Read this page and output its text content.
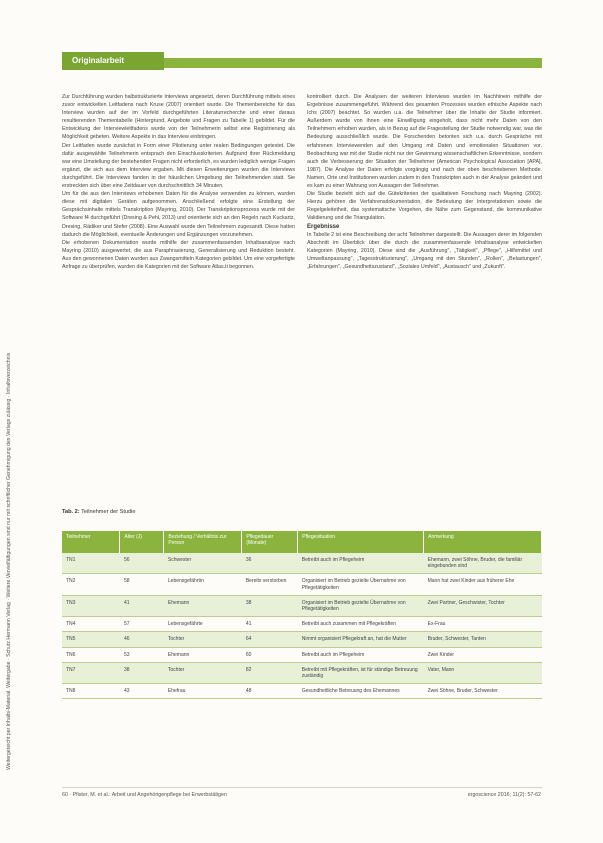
Originalarbeit
Weitergereicht per Inhalts-Material. Weitergabe · Schutz Hermann Verlag · Weitere Vervielfältigungen sind nur mit schriftlicher Genehmigung des Verlags zulässig · Inhaltsverzeichnis

Zur Durchführung wurden halbstrukturierte Interviews angesetzt, deren Durchführung mittels eines zuvor entwickelten Leitfadens nach Kruse (2007) orientiert wurde. Die Themenbereiche für das Interview wurden auf der im Vorfeld durchgeführten Literaturrecherche und einer daraus resultierenden Thementabelle (Hintergrund, Angebote und Fragen zu Tabelle 1) gebildet. Für die Entwicklung der Interviewleitfadens wurde von der Teilnehmerin selbst eine Registrierung als Möglichkeit gebeten. Weitere Aspekte in das Interview einbringen.

Der Leitfaden wurde zunächst in Form einer Pilotierung unter realen Bedingungen getestet. Die dafür ausgewählte Teilnehmerin entsprach den Einschlusskriterien. Aufgrund ihrer Rückmeldung war eine Umstellung der bestehenden Fragen nicht erforderlich, es wurden lediglich wenige Fragen ergänzt, die sich aus dem Interview ergaben. Mit diesen Erweiterungen wurden die Interviews durchgeführt. Die Interviews fanden in der häuslichen Umgebung der Teilnehmenden statt. Sie erstreckten sich über eine Zeitdauer von durchschnittlich 34 Minuten.

Um für die aus den Interviews erhobenen Daten für die Analyse verwenden zu können, wurden diese mit digitalen Geräten aufgenommen. Anschließend erfolgte eine Erstellung der Gesprächsinhalte mittels Transkription (Mayring, 2010). Der Transkriptionsprozess wurde mit der Software f4 durchgeführt (Dresing & Pehl, 2013) und orientierte sich an den Regeln nach Kuckartz, Dresing, Rädiker und Stefer (2008). Eine Auswahl wurde den Teilnehmern zugesandt. Diese hatten dadurch die Möglichkeit, eventuelle Änderungen und Ergänzungen vorzunehmen.

Die erhobenen Dokumentation wurde mithilfe der zusammenfassenden Inhaltsanalyse nach Mayring (2010) ausgewertet, die aus Paraphrasierung, Generalisierung und Reduktion besteht. Aus den gewonnenen Daten wurden aus Zwangsmitteln Kategorien gebildet. Um eine vorgefertigte Anfrage zu überprüfen, wurden die Kategorien mit der Software Atlas.ti begonnen.

kontrolliert durch. Die Analysen der weiteren Interviews wurden im Nachhinein mithilfe der Ergebnisse zusammengeführt. Während des gesamten Prozesses wurden ethische Aspekte nach Ichs (2007) beachtet. So wurden u.a. die Teilnehmer über die Inhalte der Studie informiert. Außerdem wurde von ihnen eine Einwilligung eingeholt, dass nicht mehr Daten von den Teilnehmern erhoben wurden, als in Bezug auf die Fragestellung der Studie notwendig war, was die Bedeutung ausschließlich wurde. Die Forschenden betonten sich u.a. durch Gespräche mit erfahrenen Interviewenden auf den Umgang mit Daten und emotionalen Situationen vor. Beobachtung war mit der Studie nicht nur der Gewinnung wissenschaftlichen Erkenntnisse, sondern auch die Verbesserung der Situation der Teilnehmer (American Psychological Association [APA], 1987). Die Analyse der Daten erfolgte vorgängig und nach der oben beschriebenen Methode. Namen, Orte und Institutionen wurden zudem in den Transkripten auch in der Analyse geändert und es kam zu einer Wahrung von Aussagen der Teilnehmer.

Die Studie bezieht sich auf die Gütekriterien der qualitativen Forschung nach Mayring (2002). Hierzu gehören die Verfahrensdokumentation, die Bedeutung der Interpretationen sowie die Regelgeleitetheit, das systematische Vorgehen, die Nähe zum Gegenstand, die kommunikative Validierung und die Triangulation.

Ergebnisse

In Tabelle 2 ist eine Beschreibung der acht Teilnehmer dargestellt. Die Aussagen derer im folgenden Abschnitt im Überblick über die durch die zusammenfassende Inhaltsanalyse entwickelten Kategorien (Mayring, 2010). Diese sind die „Ausführung", „Tätigkeit", „Pflege", „Hilfsmittel und Umweltanpassung", „Tagesstrukturierung", „Umgang mit den Stunden", „Rollen", „Belastungen", „Erfahrungen", „Gesundheitszustand", „Soziales Umfeld", „Austausch" und „Zukunft".

Tab. 2: Teilnehmer der Studie
Teilnehmer	Alter (J)	Beziehung / Verhältnis zur Person	Pflegedauer (Monate)	Pflegesituation	Anmerkung
TN1	56	Schwester	36	Betreibt auch im Pflegeheim	Ehemann, zwei Söhne, Bruder, die familiär eingebunden sind
TN2	58	Lebensgefährtin	Bereits verstorben	Organisiert im Betrieb gezielte Übernahme von Pflegetätigkeiten	Mann hat zwei Kinder aus früherer Ehe
TN3	41	Ehemann	38	Organisiert im Betrieb gezielte Übernahme von Pflegetätigkeiten	Zwei Partner, Geschwister, Tochter
TN4	57	Lebensgefährte	41	Betreibt auch zusammen mit Pflegekräften	Ex-Frau
TN5	46	Tochter	64	Nimmt organisiert Pflegekraft an, hat die Mutter	Bruder, Schwester, Tanten
TN6	53	Ehemann	60	Betreibt auch im Pflegeheim	Zwei Kinder
TN7	38	Tochter	82	Betreibt mit Pflegekräften, ist für ständige Betreuung zuständig	Vater, Mann
TN8	43	Ehefrau	48	Gesundheitliche Betreuung des Ehemannes	Zwei Söhne, Bruder, Schwester
60 · Pfister, M. et al.: Arbeit und Angehörigenpflege bei Erwerbstätigen	ergoscience 2016; 11(2): 57-62
